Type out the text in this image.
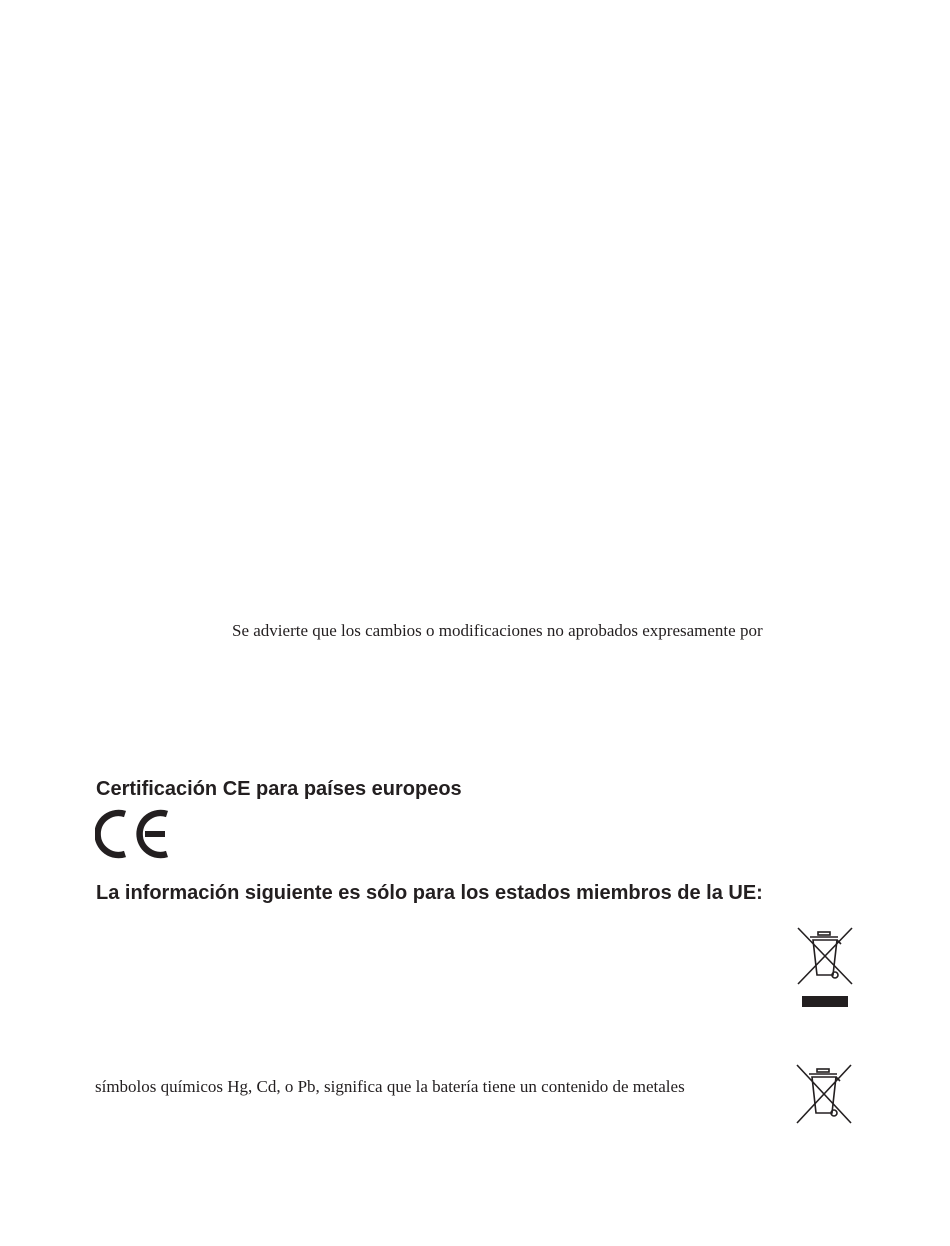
Se advierte que los cambios o modificaciones no aprobados expresamente por
Certificación CE para países europeos
La información siguiente es sólo para los estados miembros de la UE:
símbolos químicos Hg, Cd, o Pb, significa que la batería tiene un contenido de metales
